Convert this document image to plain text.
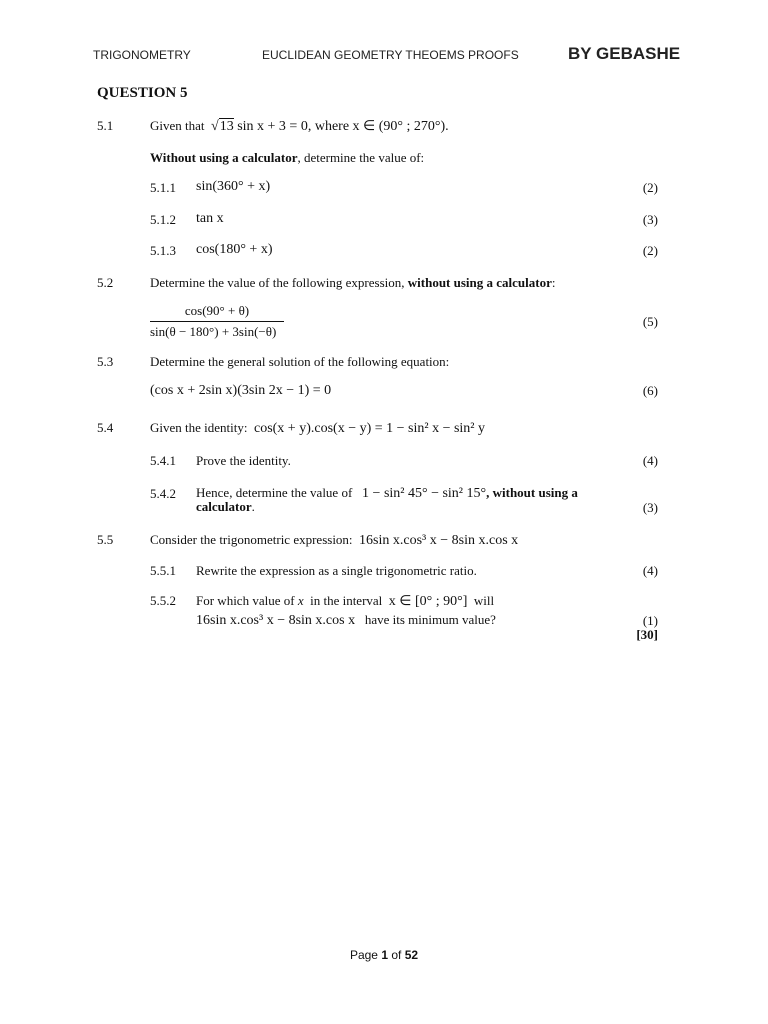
TRIGONOMETRY	EUCLIDEAN GEOMETRY THEOEMS PROOFS	BY GEBASHE
QUESTION 5
5.1	Given that √13 sin x + 3 = 0, where x ∈ (90° ; 270°).
Without using a calculator, determine the value of:
5.1.1 sin(360° + x)	(2)
5.1.2 tan x	(3)
5.1.3 cos(180° + x)	(2)
5.2	Determine the value of the following expression, without using a calculator:
$\frac{\cos(90^\circ + \theta)}{\sin(\theta - 180^\circ) + 3\sin(-\theta)}$	(5)
5.3	Determine the general solution of the following equation:
(cos x + 2sin x)(3sin 2x − 1) = 0	(6)
5.4	Given the identity: cos(x + y).cos(x − y) = 1 − sin² x − sin² y
5.4.1 Prove the identity.	(4)
5.4.2 Hence, determine the value of 1 − sin² 45° − sin² 15°, without using a
calculator.	(3)
5.5	Consider the trigonometric expression: 16sin x.cos³ x − 8sin x.cos x
5.5.1 Rewrite the expression as a single trigonometric ratio.	(4)
5.5.2 For which value of x in the interval x ∈ [0° ; 90°] will
16sin x.cos³ x − 8sin x.cos x have its minimum value?	(1)
[30]
Page 1 of 52
